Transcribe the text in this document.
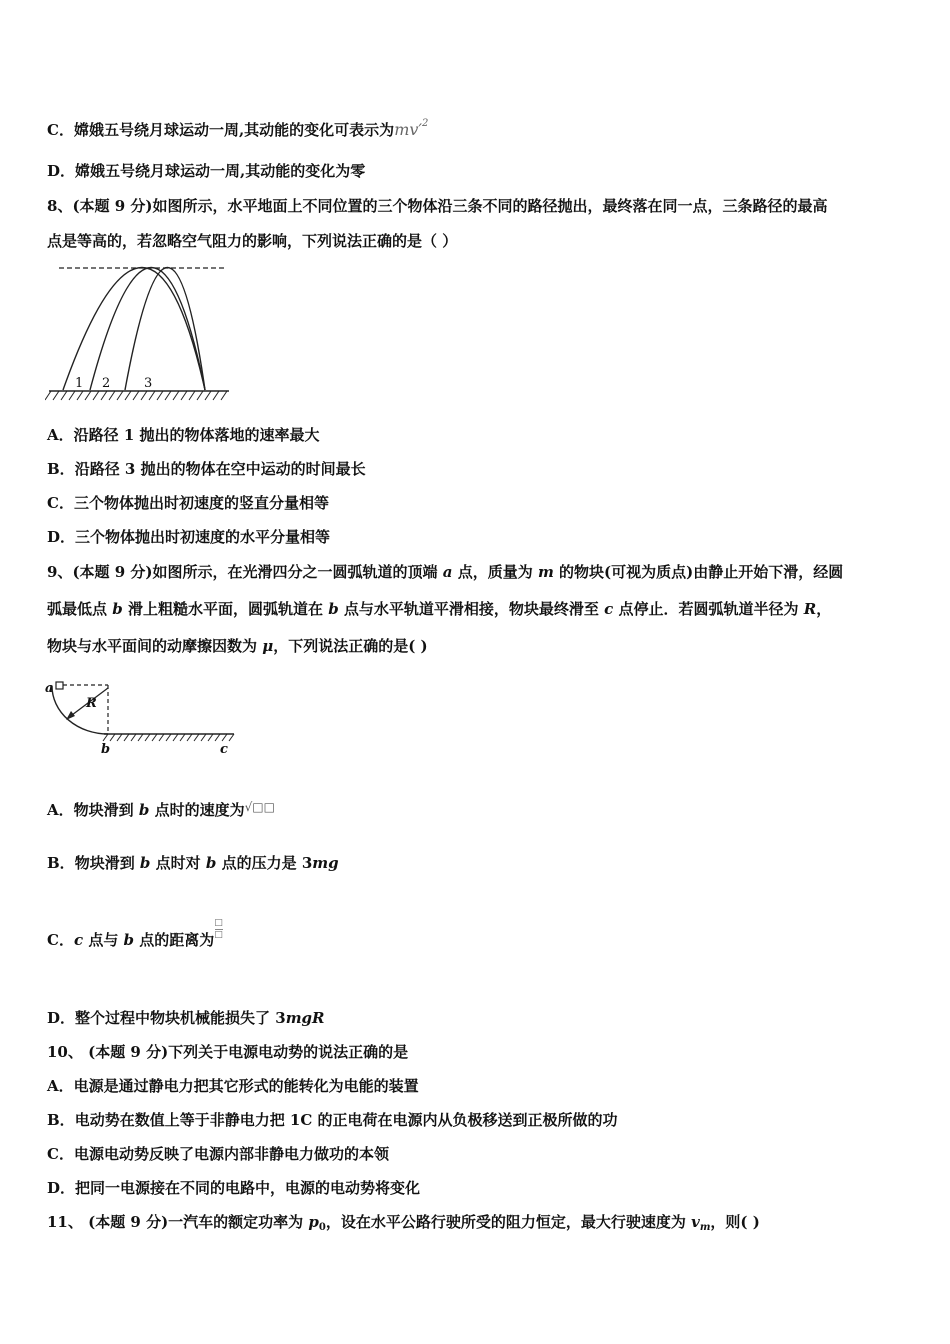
C．嫦娥五号绕月球运动一周,其动能的变化可表示为$mv'^2$
D．嫦娥五号绕月球运动一周,其动能的变化为零
8、(本题 9 分)如图所示，水平地面上不同位置的三个物体沿三条不同的路径抛出，最终落在同一点，三条路径的最高
点是等高的，若忽略空气阻力的影响，下列说法正确的是（ ）
1 2	3
A．沿路径 1 抛出的物体落地的速率最大
B．沿路径 3 抛出的物体在空中运动的时间最长
C．三个物体抛出时初速度的竖直分量相等
D．三个物体抛出时初速度的水平分量相等
9、(本题 9 分)如图所示，在光滑四分之一圆弧轨道的顶端 a 点，质量为 m 的物块(可视为质点)由静止开始下滑，经圆
弧最低点 b 滑上粗糙水平面，圆弧轨道在 b 点与水平轨道平滑相接，物块最终滑至 c 点停止．若圆弧轨道半径为 R，
物块与水平面间的动摩擦因数为 μ，下列说法正确的是( )
a
R
b	c
A．物块滑到 b 点时的速度为√□□
B．物块滑到 b 点时对 b 点的压力是 3mg
C．c 点与 b 点的距离为 $\frac{□}{□}$
D．整个过程中物块机械能损失了 3mgR
10、 (本题 9 分)下列关于电源电动势的说法正确的是
A．电源是通过静电力把其它形式的能转化为电能的装置
B．电动势在数值上等于非静电力把 1C 的正电荷在电源内从负极移送到正极所做的功
C．电源电动势反映了电源内部非静电力做功的本领
D．把同一电源接在不同的电路中，电源的电动势将变化
11、 (本题 9 分)一汽车的额定功率为 $p_0$，设在水平公路行驶所受的阻力恒定，最大行驶速度为 $v_m$，则( )
